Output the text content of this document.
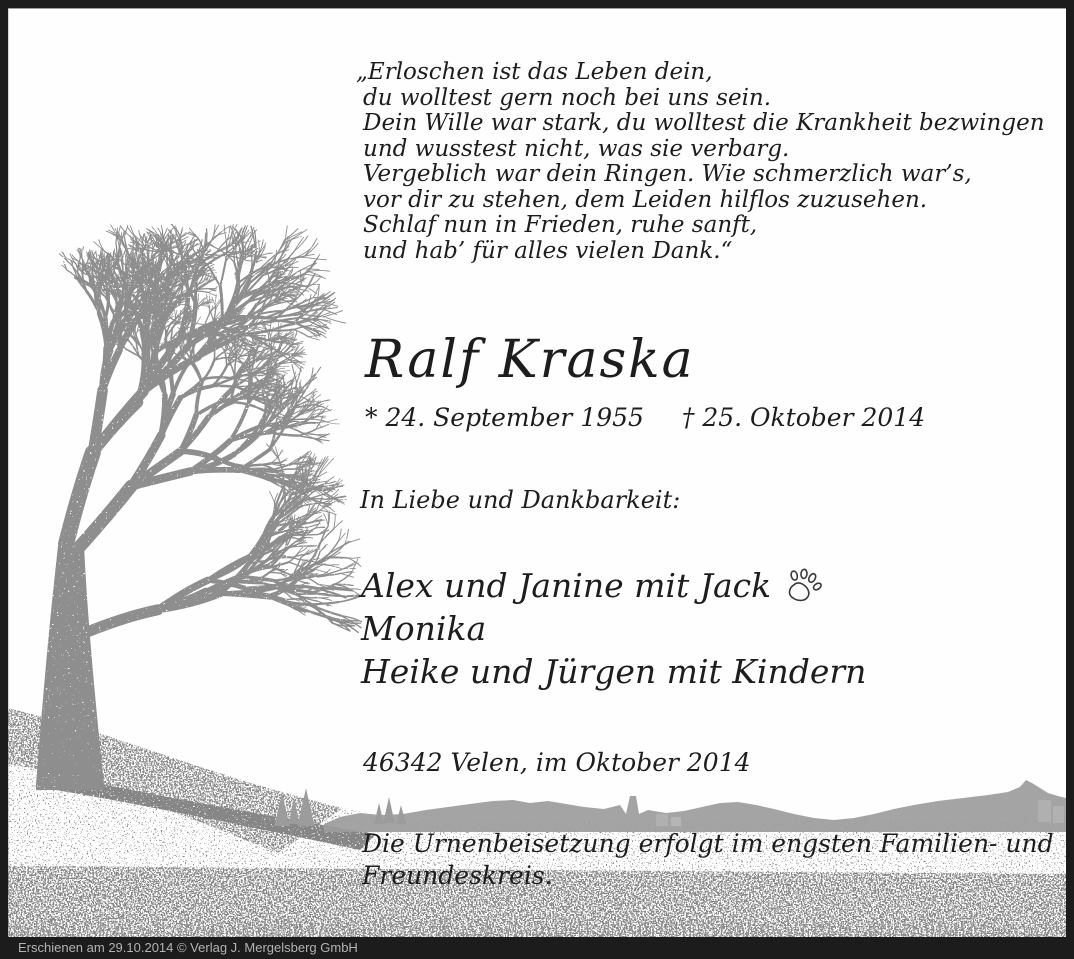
„Erloschen ist das Leben dein,
du wolltest gern noch bei uns sein.
Dein Wille war stark, du wolltest die Krankheit bezwingen
und wusstest nicht, was sie verbarg.
Vergeblich war dein Ringen. Wie schmerzlich war’s,
vor dir zu stehen, dem Leiden hilflos zuzusehen.
Schlaf nun in Frieden, ruhe sanft,
und hab’ für alles vielen Dank.“
Ralf Kraska
* 24. September 1955 † 25. Oktober 2014
In Liebe und Dankbarkeit:
Alex und Janine mit Jack
Monika
Heike und Jürgen mit Kindern
46342 Velen, im Oktober 2014
Die Urnenbeisetzung erfolgt im engsten Familien- und
Freundeskreis.
Erschienen am 29.10.2014 © Verlag J. Mergelsberg GmbH
